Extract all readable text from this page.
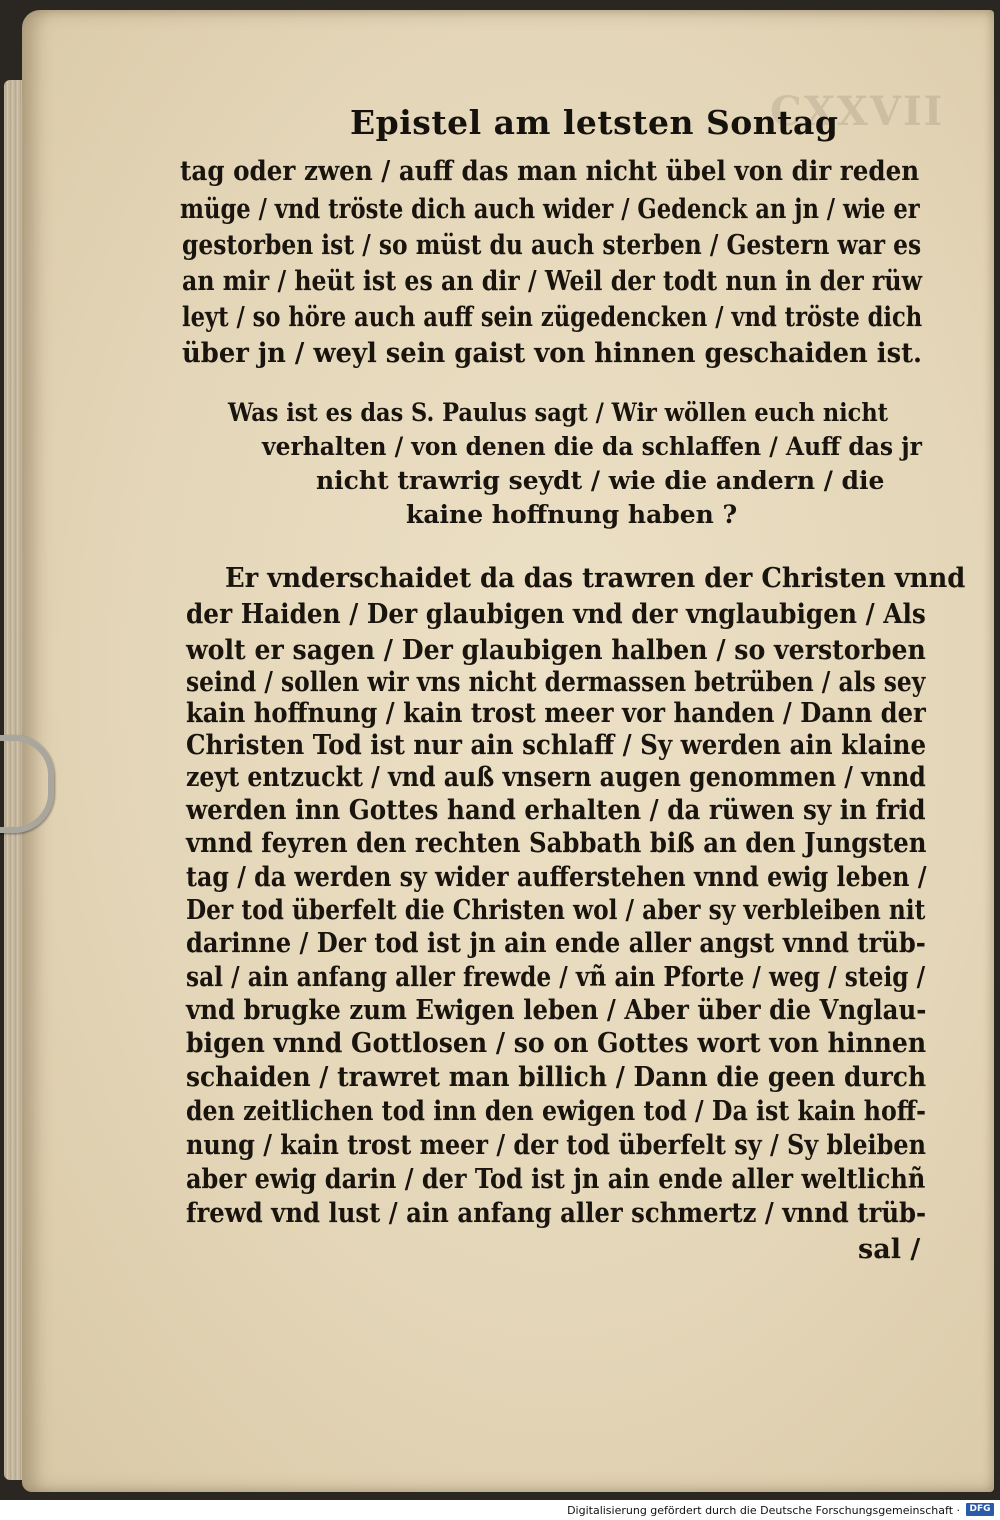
CXXVII
Epistel am letsten Sontag
tag oder zwen / auff das man nicht übel von dir reden
müge / vnd tröste dich auch wider / Gedenck an jn / wie er
gestorben ist / so müst du auch sterben / Gestern war es
an mir / heüt ist es an dir / Weil der todt nun in der rüw
leyt / so höre auch auff sein zügedencken / vnd tröste dich
über jn / weyl sein gaist von hinnen geschaiden ist.
Was ist es das S. Paulus sagt / Wir wöllen euch nicht
verhalten / von denen die da schlaffen / Auff das jr
nicht trawrig seydt / wie die andern / die
kaine hoffnung haben ?
Er vnderschaidet da das trawren der Christen vnnd
der Haiden / Der glaubigen vnd der vnglaubigen / Als
wolt er sagen / Der glaubigen halben / so verstorben
seind / sollen wir vns nicht dermassen betrüben / als sey
kain hoffnung / kain trost meer vor handen / Dann der
Christen Tod ist nur ain schlaff / Sy werden ain klaine
zeyt entzuckt / vnd auß vnsern augen genommen / vnnd
werden inn Gottes hand erhalten / da rüwen sy in frid
vnnd feyren den rechten Sabbath biß an den Jungsten
tag / da werden sy wider aufferstehen vnnd ewig leben /
Der tod überfelt die Christen wol / aber sy verbleiben nit
darinne / Der tod ist jn ain ende aller angst vnnd trüb-
sal / ain anfang aller frewde / vñ ain Pforte / weg / steig /
vnd brugke zum Ewigen leben / Aber über die Vnglau-
bigen vnnd Gottlosen / so on Gottes wort von hinnen
schaiden / trawret man billich / Dann die geen durch
den zeitlichen tod inn den ewigen tod / Da ist kain hoff-
nung / kain trost meer / der tod überfelt sy / Sy bleiben
aber ewig darin / der Tod ist jn ain ende aller weltlichñ
frewd vnd lust / ain anfang aller schmertz / vnnd trüb-
sal /
Digitalisierung gefördert durch die Deutsche Forschungsgemeinschaft ·	DFG
